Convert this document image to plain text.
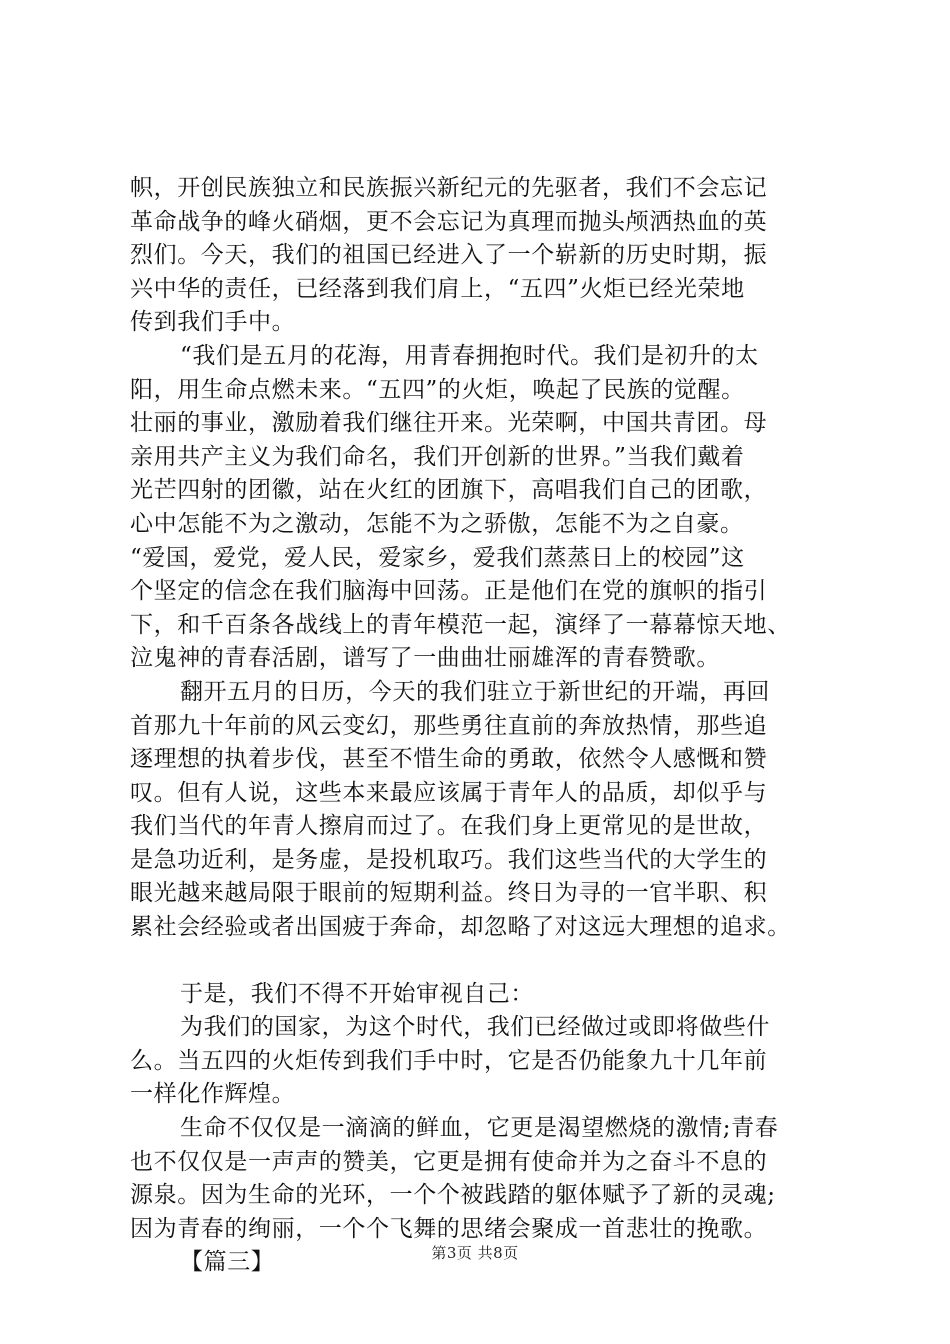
帜，开创民族独立和民族振兴新纪元的先驱者，我们不会忘记
革命战争的峰火硝烟，更不会忘记为真理而抛头颅洒热血的英
烈们。今天，我们的祖国已经进入了一个崭新的历史时期，振
兴中华的责任，已经落到我们肩上，“五四”火炬已经光荣地
传到我们手中。
“我们是五月的花海，用青春拥抱时代。我们是初升的太
阳，用生命点燃未来。“五四”的火炬，唤起了民族的觉醒。
壮丽的事业，激励着我们继往开来。光荣啊，中国共青团。母
亲用共产主义为我们命名，我们开创新的世界。”当我们戴着
光芒四射的团徽，站在火红的团旗下，高唱我们自己的团歌，
心中怎能不为之激动，怎能不为之骄傲，怎能不为之自豪。
“爱国，爱党，爱人民，爱家乡，爱我们蒸蒸日上的校园”这
个坚定的信念在我们脑海中回荡。正是他们在党的旗帜的指引
下，和千百条各战线上的青年模范一起，演绎了一幕幕惊天地、
泣鬼神的青春活剧，谱写了一曲曲壮丽雄浑的青春赞歌。
翻开五月的日历，今天的我们驻立于新世纪的开端，再回
首那九十年前的风云变幻，那些勇往直前的奔放热情，那些追
逐理想的执着步伐，甚至不惜生命的勇敢，依然令人感慨和赞
叹。但有人说，这些本来最应该属于青年人的品质，却似乎与
我们当代的年青人擦肩而过了。在我们身上更常见的是世故，
是急功近利，是务虚，是投机取巧。我们这些当代的大学生的
眼光越来越局限于眼前的短期利益。终日为寻的一官半职、积
累社会经验或者出国疲于奔命，却忽略了对这远大理想的追求。
于是，我们不得不开始审视自己：
为我们的国家，为这个时代，我们已经做过或即将做些什
么。当五四的火炬传到我们手中时，它是否仍能象九十几年前
一样化作辉煌。
生命不仅仅是一滴滴的鲜血，它更是渴望燃烧的激情;青春
也不仅仅是一声声的赞美，它更是拥有使命并为之奋斗不息的
源泉。因为生命的光环，一个个被践踏的躯体赋予了新的灵魂;
因为青春的绚丽，一个个飞舞的思绪会聚成一首悲壮的挽歌。
【篇三】	第3页 共8页
